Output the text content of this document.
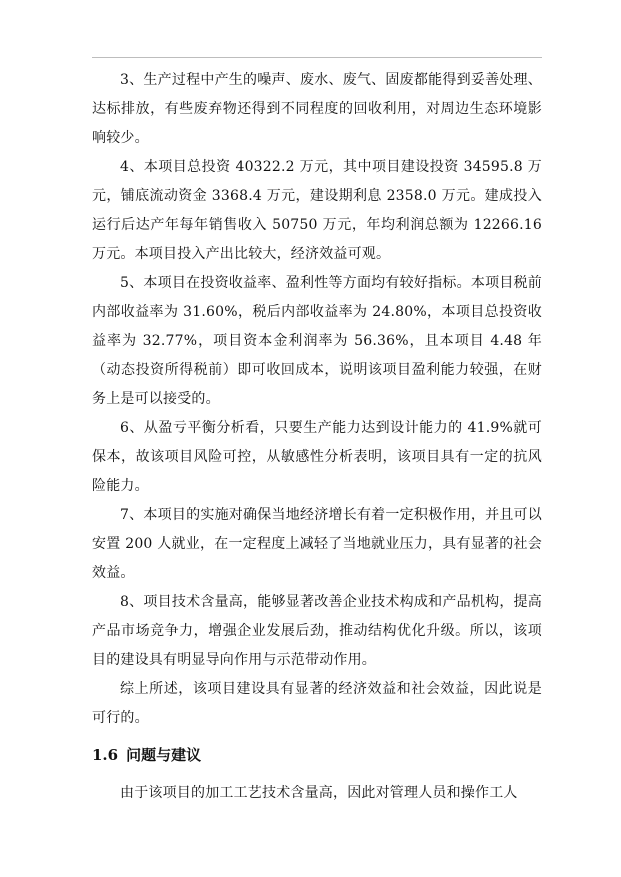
3、生产过程中产生的噪声、废水、废气、固废都能得到妥善处理、达标排放，有些废弃物还得到不同程度的回收利用，对周边生态环境影响较少。

4、本项目总投资 40322.2 万元，其中项目建设投资 34595.8 万元，铺底流动资金 3368.4 万元，建设期利息 2358.0 万元。建成投入运行后达产年每年销售收入 50750 万元，年均利润总额为 12266.16 万元。本项目投入产出比较大，经济效益可观。

5、本项目在投资收益率、盈利性等方面均有较好指标。本项目税前内部收益率为 31.60%，税后内部收益率为 24.80%，本项目总投资收益率为 32.77%，项目资本金利润率为 56.36%，且本项目 4.48 年（动态投资所得税前）即可收回成本，说明该项目盈利能力较强，在财务上是可以接受的。

6、从盈亏平衡分析看，只要生产能力达到设计能力的 41.9%就可保本，故该项目风险可控，从敏感性分析表明，该项目具有一定的抗风险能力。

7、本项目的实施对确保当地经济增长有着一定积极作用，并且可以安置 200 人就业，在一定程度上减轻了当地就业压力，具有显著的社会效益。

8、项目技术含量高，能够显著改善企业技术构成和产品机构，提高产品市场竞争力，增强企业发展后劲，推动结构优化升级。所以，该项目的建设具有明显导向作用与示范带动作用。

综上所述，该项目建设具有显著的经济效益和社会效益，因此说是可行的。

1.6 问题与建议

由于该项目的加工工艺技术含量高，因此对管理人员和操作工人
